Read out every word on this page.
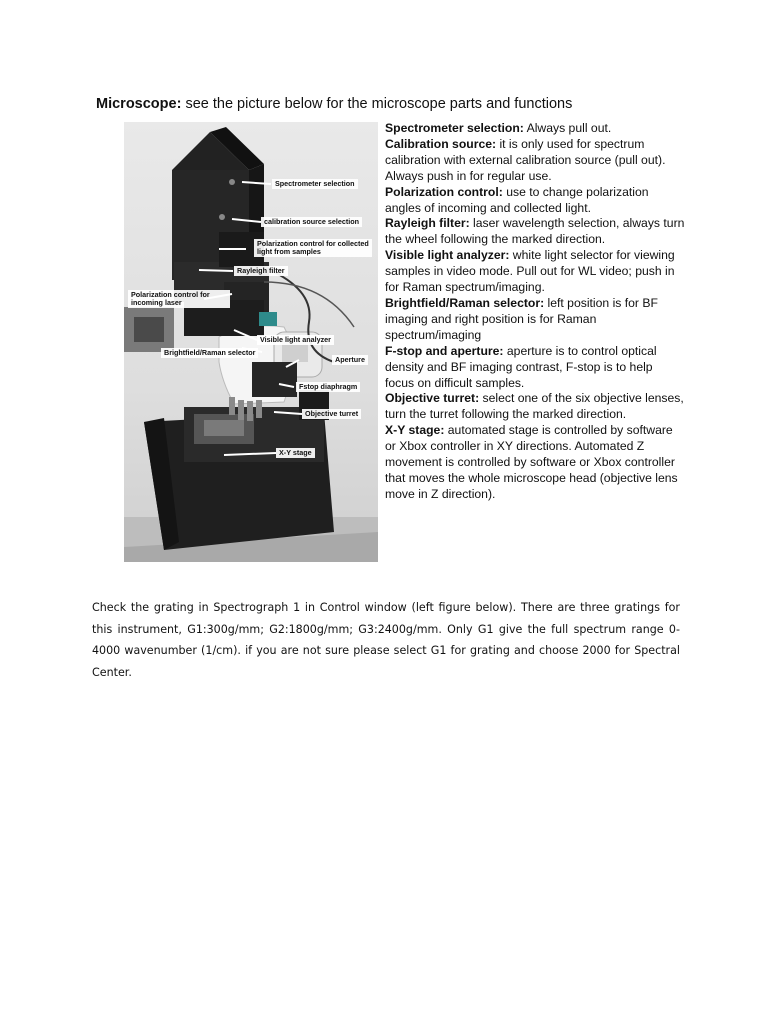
Microscope: see the picture below for the microscope parts and functions
Spectrometer selection
calibration source selection
Polarization control for collected light from samples
Rayleigh filter
Polarization control for incoming laser
Visible light analyzer
Brightfield/Raman selector
Aperture
Fstop diaphragm
Objective turret
X-Y stage

Spectrometer selection: Always pull out.

Calibration source: it is only used for spectrum calibration with external calibration source (pull out). Always push in for regular use.

Polarization control: use to change polarization angles of incoming and collected light.

Rayleigh filter: laser wavelength selection, always turn the wheel following the marked direction.

Visible light analyzer: white light selector for viewing samples in video mode. Pull out for WL video; push in for Raman spectrum/imaging.

Brightfield/Raman selector: left position is for BF imaging and right position is for Raman spectrum/imaging

F-stop and aperture: aperture is to control optical density and BF imaging contrast, F-stop is to help focus on difficult samples.

Objective turret: select one of the six objective lenses, turn the turret following the marked direction.

X-Y stage: automated stage is controlled by software or Xbox controller in XY directions. Automated Z movement is controlled by software or Xbox controller that moves the whole microscope head (objective lens move in Z direction).

Check the grating in Spectrograph 1 in Control window (left figure below). There are three gratings for this instrument, G1:300g/mm; G2:1800g/mm; G3:2400g/mm. Only G1 give the full spectrum range 0-4000 wavenumber (1/cm). if you are not sure please select G1 for grating and choose 2000 for Spectral Center.
